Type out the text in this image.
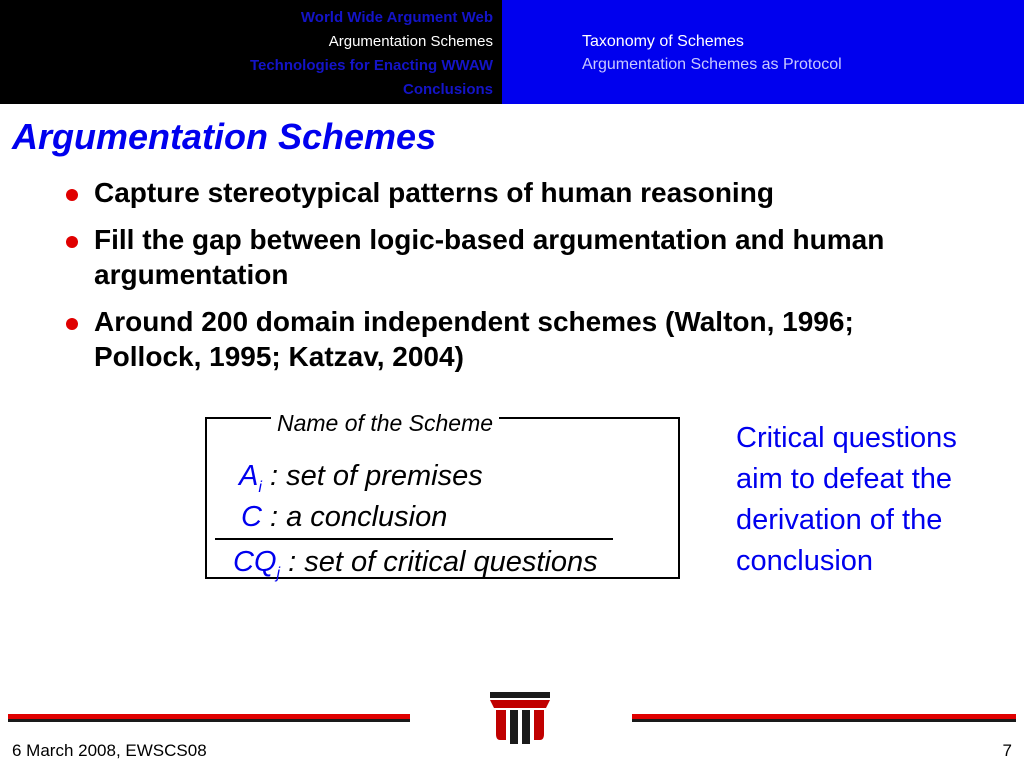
World Wide Argument Web
Argumentation Schemes
Technologies for Enacting WWAW
Conclusions
Taxonomy of Schemes
Argumentation Schemes as Protocol
Argumentation Schemes
Capture stereotypical patterns of human reasoning
Fill the gap between logic-based argumentation and human argumentation
Around 200 domain independent schemes (Walton, 1996; Pollock, 1995; Katzav, 2004)
Name of the Scheme
$A_i$ : set of premises
C : a conclusion
$CQ_j$ : set of critical questions
Critical questions aim to defeat the derivation of the conclusion
6 March 2008, EWSCS08	7
